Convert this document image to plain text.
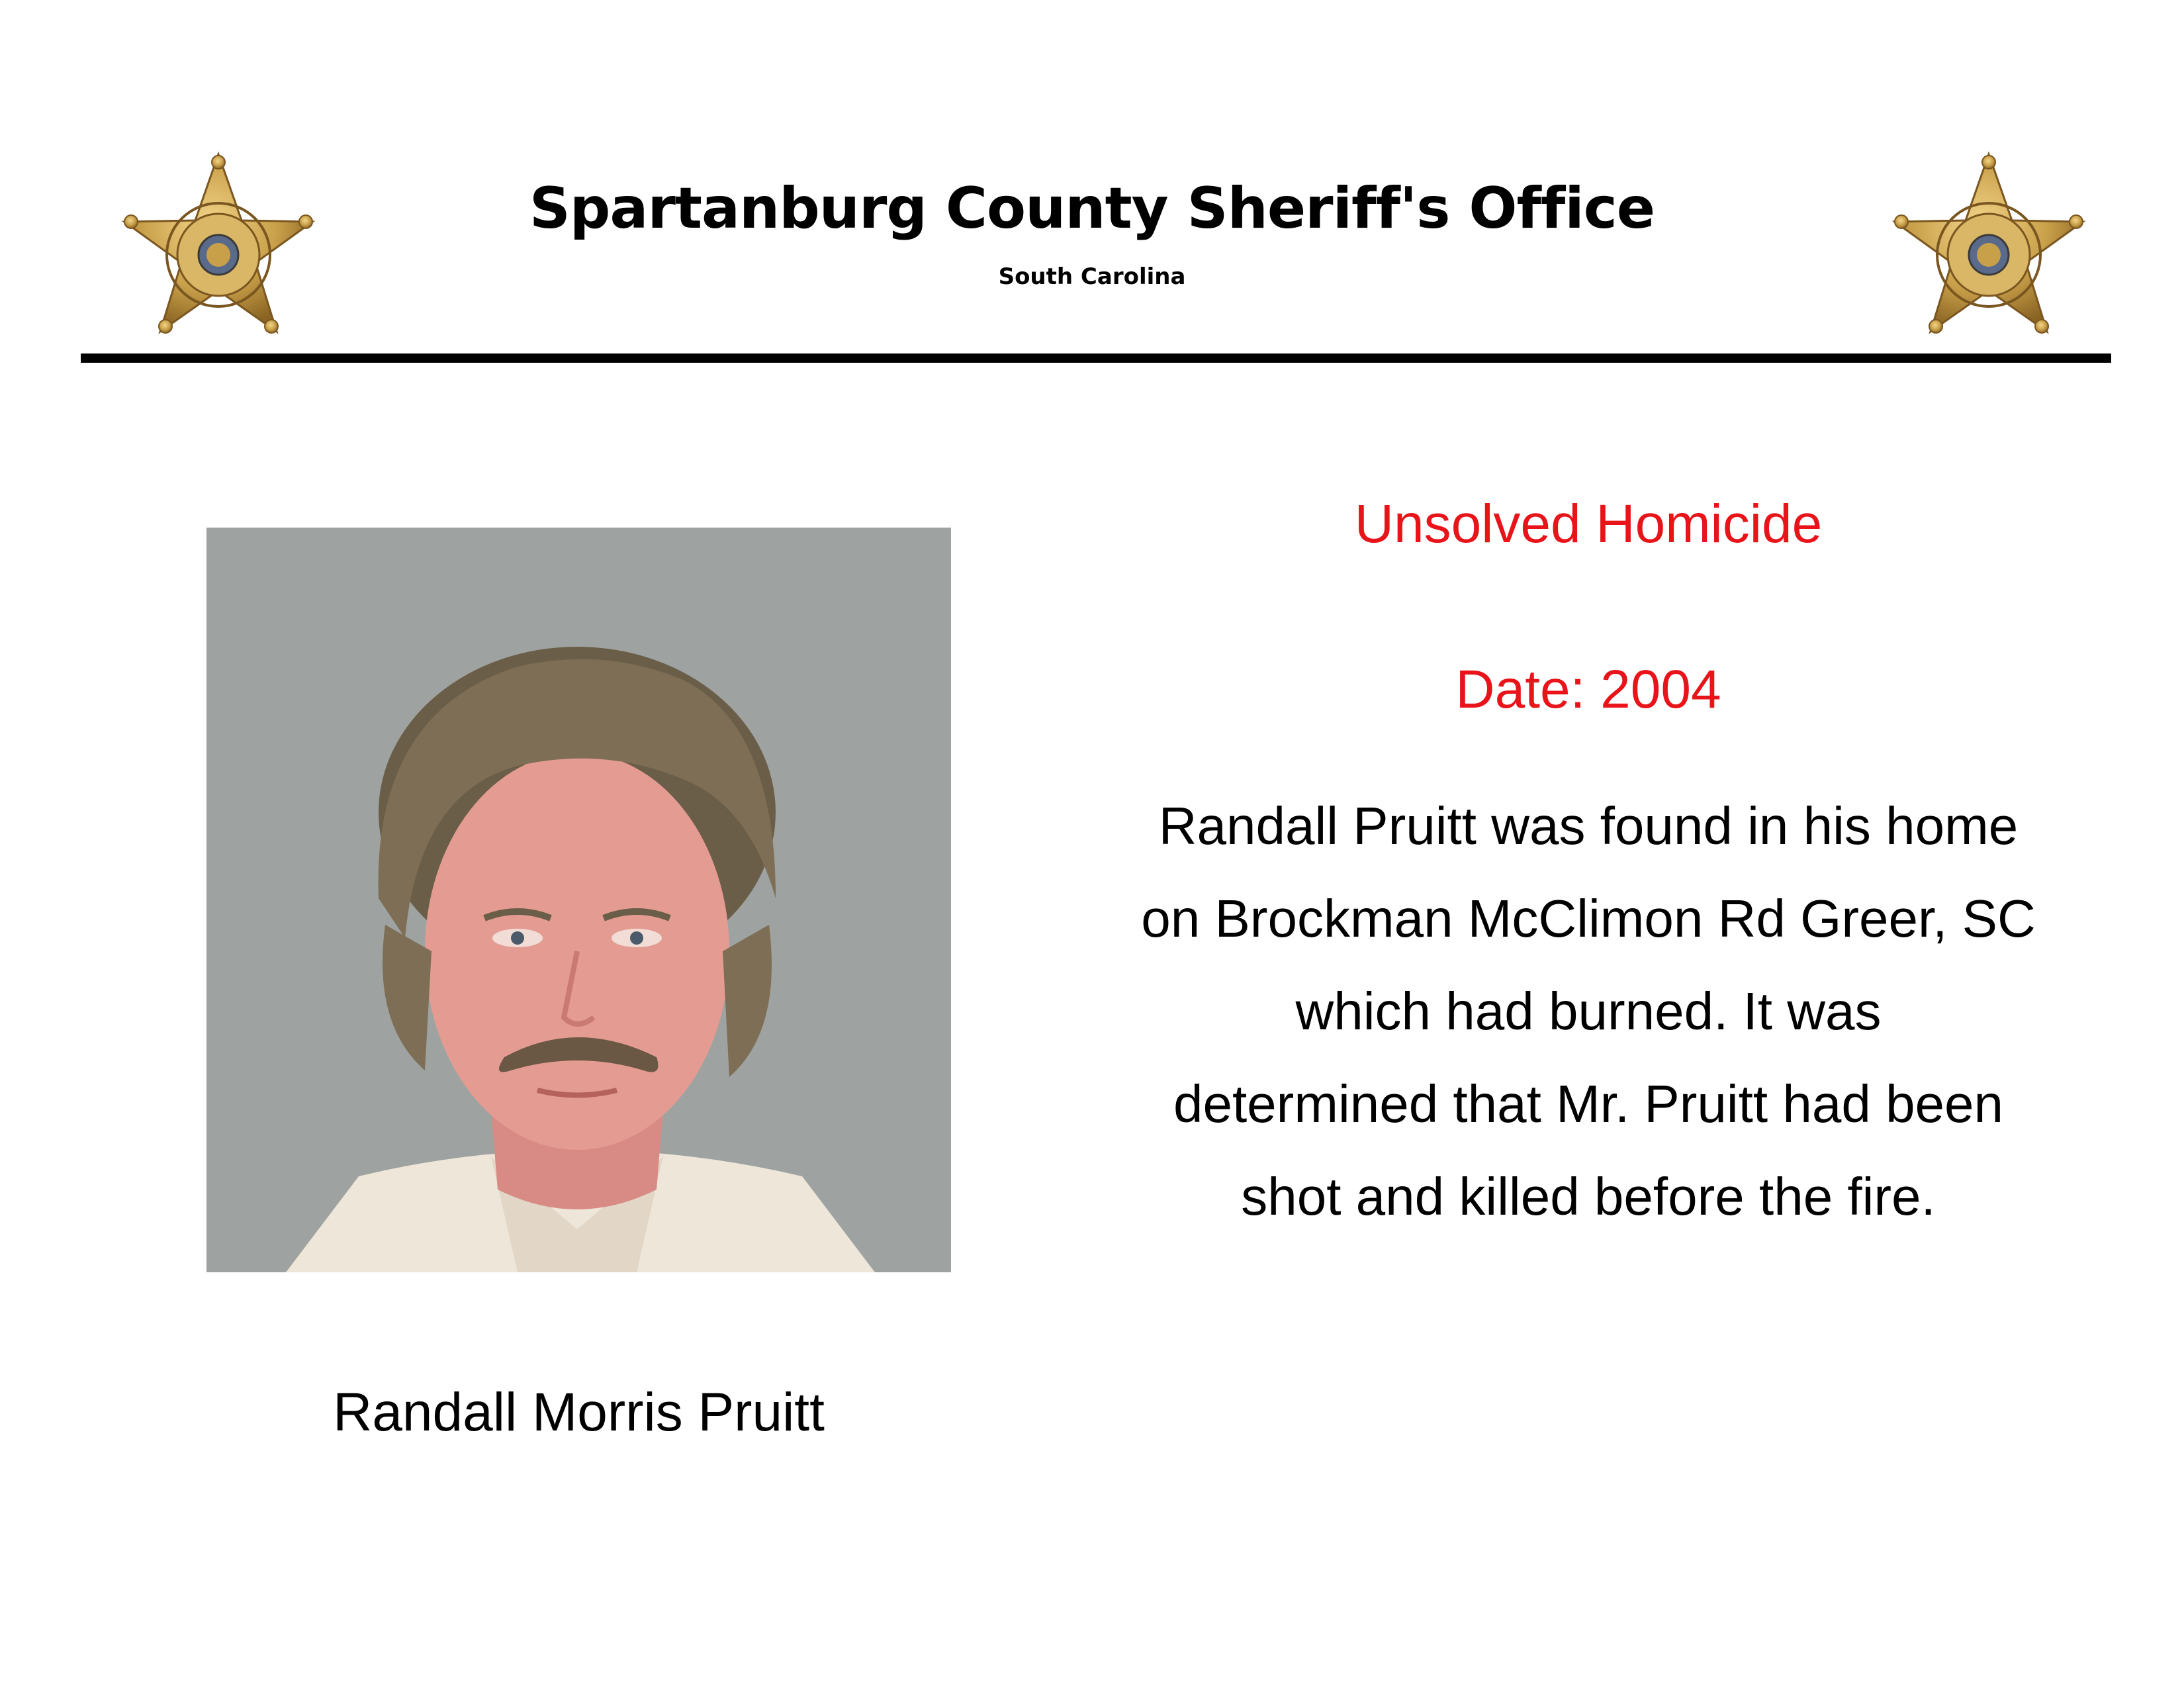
Spartanburg County Sheriff's Office
South Carolina
Randall Morris Pruitt
Unsolved Homicide
Date: 2004
Randall Pruitt was found in his home
on Brockman McClimon Rd Greer, SC
which had burned. It was
determined that Mr. Pruitt had been
shot and killed before the fire.
